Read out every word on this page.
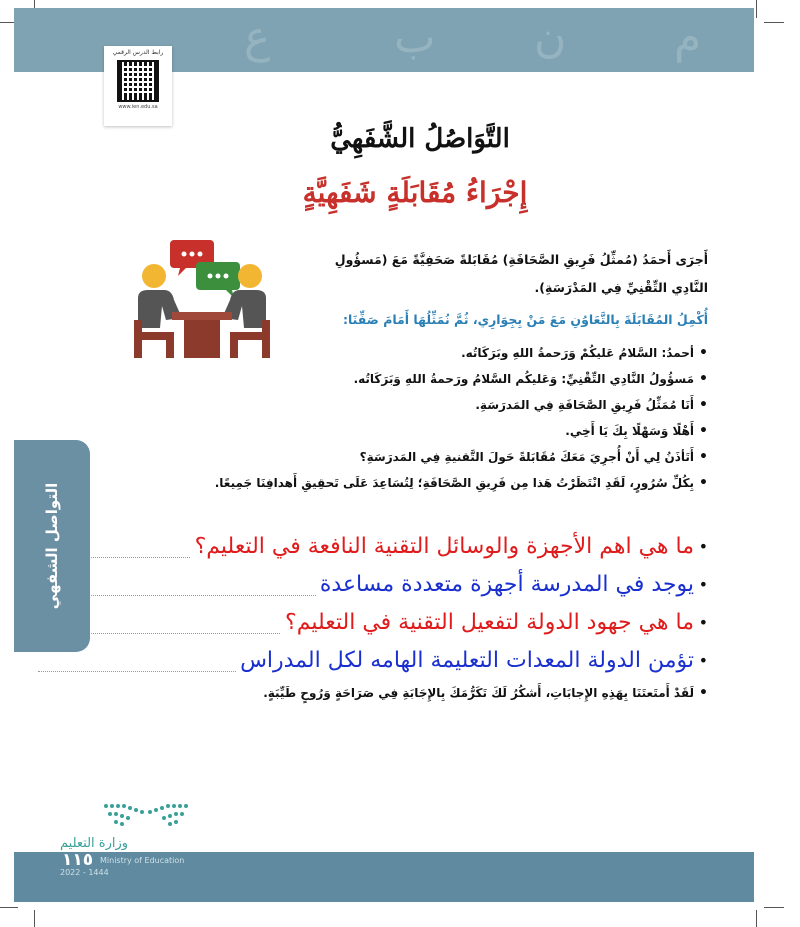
ع	ب ن م
رابط الدرس الرقمي
www.ien.edu.sa
التَّوَاصُلُ الشَّفَهِيُّ
إِجْرَاءُ مُقَابَلَةٍ شَفَهِيَّةٍ
أَجرَى أَحمَدُ (مُمثِّلُ فَرِيقِ الصَّحَافَةِ) مُقَابَلةً صَحَفِيَّةً مَعَ (مَسؤُولِ النَّادِي التِّقْنِيِّ فِي المَدْرَسَةِ).
أُكْمِلُ المُقَابَلَةَ بِالتَّعَاوُنِ مَعَ مَنْ بِجِوَارِي، ثُمَّ نُمَثِّلُهَا أَمَامَ صَفِّنَا:
• أحمدُ: السَّلامُ عَليكُمْ وَرَحمةُ اللهِ وبَرَكَاتُه.
• مَسؤُولُ النَّادِي التِّقْنِيِّ: وَعَليكُم السَّلامُ ورَحمةُ اللهِ وَبَرَكَاتُه.
• أَنَا مُمَثِّلُ فَرِيقِ الصَّحَافَةِ فِي المَدرَسَةِ.
• أَهْلًا وَسَهْلًا بِكَ يَا أَخِي.
• أَتَأذَنُ لِي أَنْ أُجرِيَ مَعَكَ مُقَابَلةً حَولَ التَّقنيةِ فِي المَدرَسَةِ؟
• بِكُلِّ سُرُورٍ، لَقَدِ انْتَظَرْتُ هَذا مِن فَرِيقِ الصَّحَافَةِ؛ لِتُسَاعِدَ عَلَى تَحقِيقِ أَهدافِنَا جَمِيعًا.
• ما هي اهم الأجهزة والوسائل التقنية النافعة في التعليم؟
• يوجد في المدرسة أجهزة متعددة مساعدة
• ما هي جهود الدولة لتفعيل التقنية في التعليم؟
• تؤمن الدولة المعدات التعليمة الهامه لكل المدراس
• لَقَدْ أَمتَعتَنَا بِهَذِهِ الإِجابَاتِ، أَشكُرُ لَكَ تَكَرُّمَكَ بِالإِجَابَةِ فِي صَرَاحَةٍ وَرُوحٍ طَيِّبَةٍ.
التواصل الشفهي
وزارة التعليم
Ministry of Education
2022 - 1444
١١٥
